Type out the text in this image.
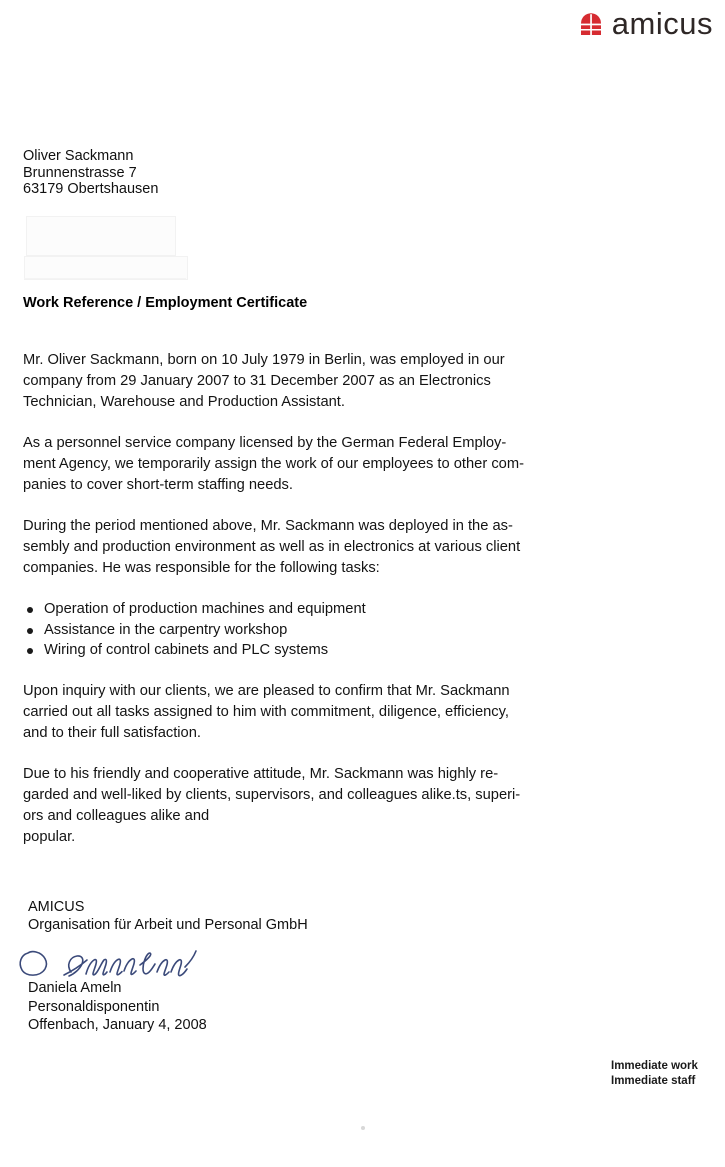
amicus
Oliver Sackmann
Brunnenstrasse 7
63179 Obertshausen
Work Reference / Employment Certificate

Mr. Oliver Sackmann, born on 10 July 1979 in Berlin, was employed in our
company from 29 January 2007 to 31 December 2007 as an Electronics
Technician, Warehouse and Production Assistant.

As a personnel service company licensed by the German Federal Employ-
ment Agency, we temporarily assign the work of our employees to other com-
panies to cover short-term staffing needs.

During the period mentioned above, Mr. Sackmann was deployed in the as-
sembly and production environment as well as in electronics at various client
companies. He was responsible for the following tasks:

Operation of production machines and equipment
Assistance in the carpentry workshop
Wiring of control cabinets and PLC systems

Upon inquiry with our clients, we are pleased to confirm that Mr. Sackmann
carried out all tasks assigned to him with commitment, diligence, efficiency,
and to their full satisfaction.

Due to his friendly and cooperative attitude, Mr. Sackmann was highly re-
garded and well-liked by clients, supervisors, and colleagues alike.ts, superi-
ors and colleagues alike and
popular.

AMICUS
Organisation für Arbeit und Personal GmbH
Daniela Ameln
Personaldisponentin
Offenbach, January 4, 2008
Immediate work
Immediate staff
